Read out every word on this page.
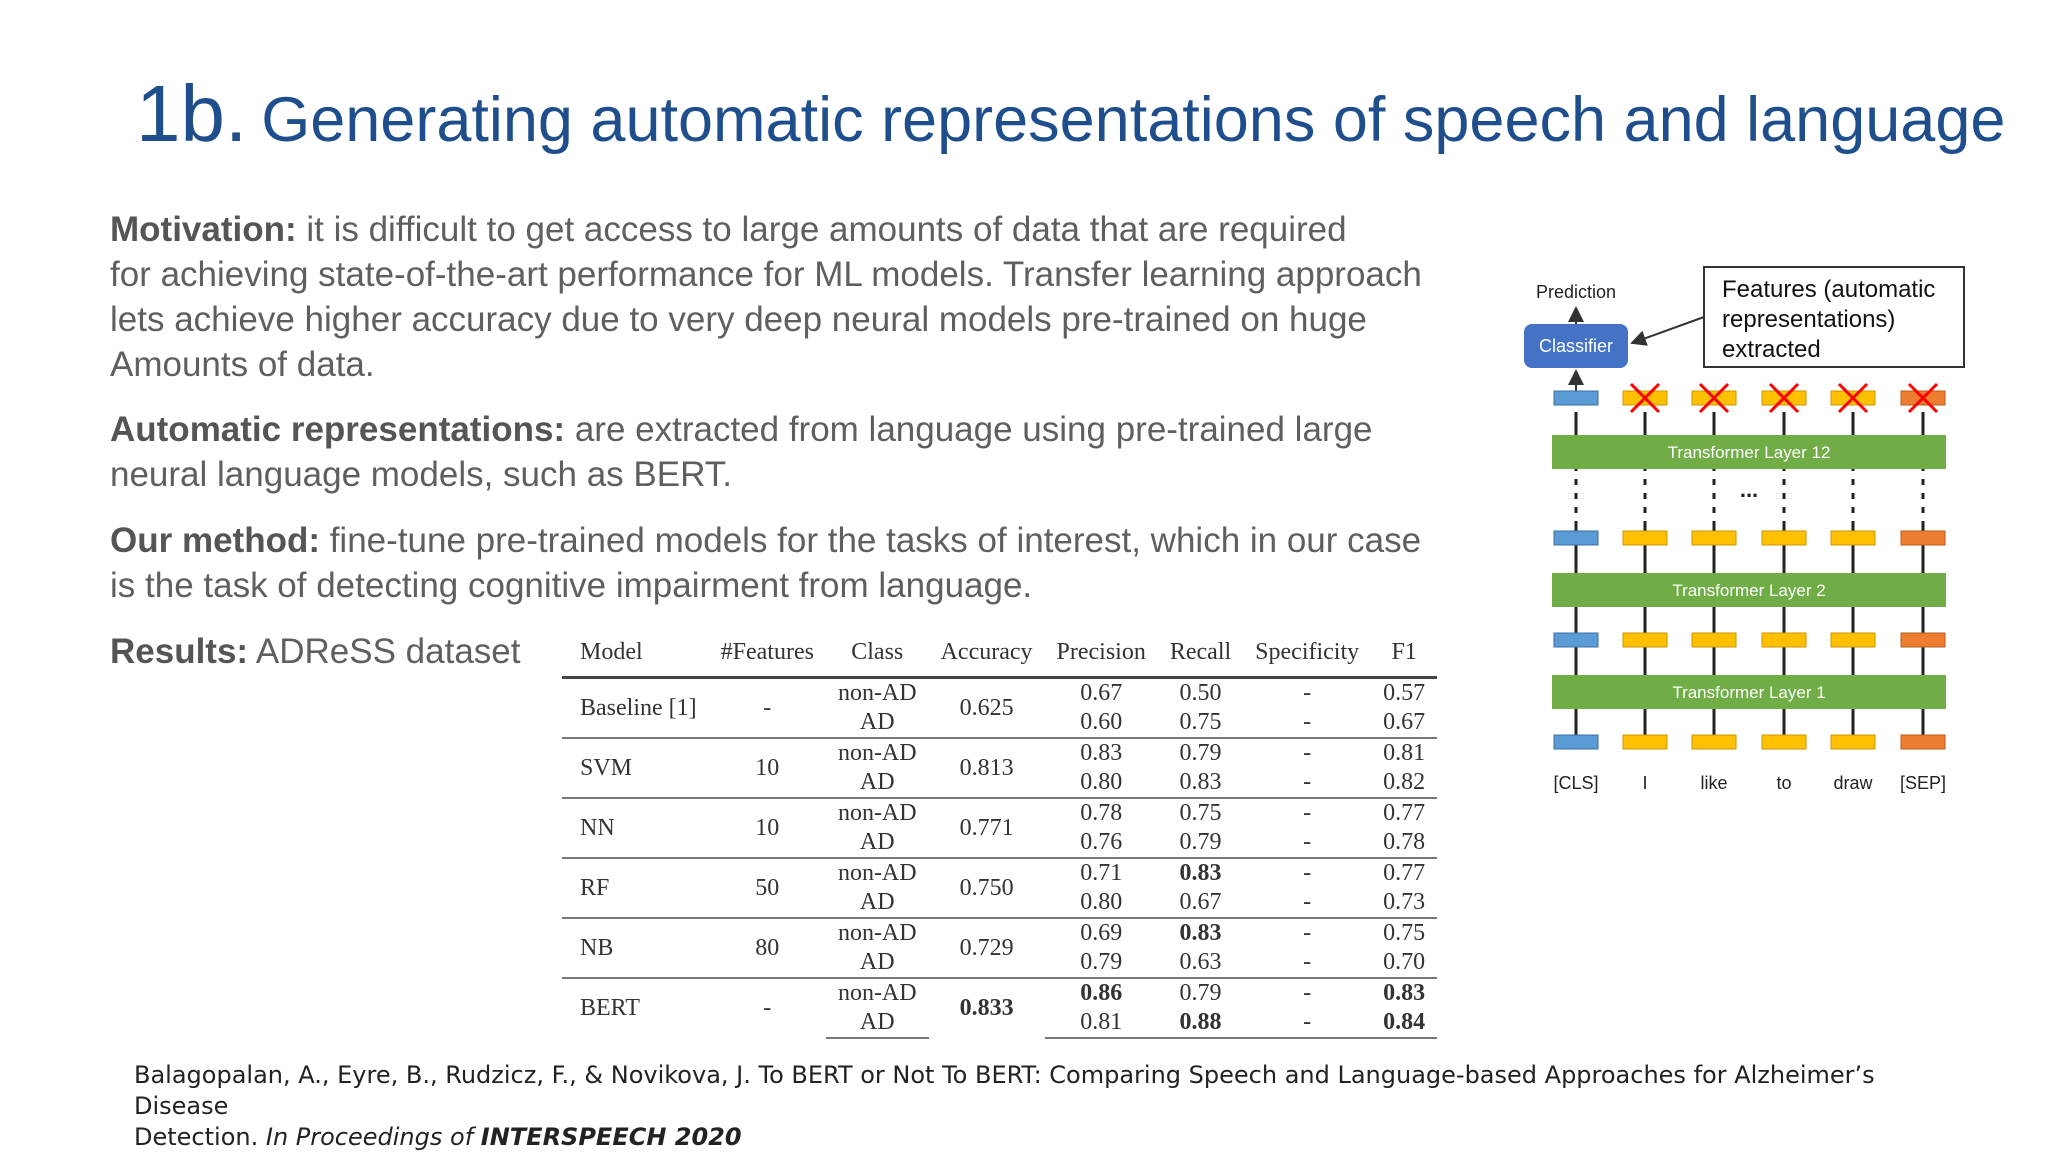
1b. Generating automatic representations of speech and language
Motivation: it is difficult to get access to large amounts of data that are required
for achieving state-of-the-art performance for ML models. Transfer learning approach
lets achieve higher accuracy due to very deep neural models pre-trained on huge
Amounts of data.
Automatic representations: are extracted from language using pre-trained large
neural language models, such as BERT.
Our method: fine-tune pre-trained models for the tasks of interest, which in our case
is the task of detecting cognitive impairment from language.
Results: ADReSS dataset	Model	#Features	Class	Accuracy	Precision	Recall	Specificity	F1
Baseline [1]	-	non-AD	0.625	0.67	0.50	-	0.57
		AD		0.60	0.75	-	0.67
SVM	10	non-AD	0.813	0.83	0.79	-	0.81
		AD		0.80	0.83	-	0.82
NN	10	non-AD	0.771	0.78	0.75	-	0.77
		AD		0.76	0.79	-	0.78
RF	50	non-AD	0.750	0.71	0.83	-	0.77
		AD		0.80	0.67	-	0.73
NB	80	non-AD	0.729	0.69	0.83	-	0.75
		AD		0.79	0.63	-	0.70
BERT	-	non-AD	0.833	0.86	0.79	-	0.83
		AD		0.81	0.88	-	0.84
Prediction
Classifier
Features (automatic
representations)
extracted
Transformer Layer 12
...
Transformer Layer 2
Transformer Layer 1
[CLS] I	like	to draw [SEP]
Balagopalan, A., Eyre, B., Rudzicz, F., & Novikova, J. To BERT or Not To BERT: Comparing Speech and Language-based Approaches for Alzheimer’s Disease
Detection. In Proceedings of INTERSPEECH 2020
